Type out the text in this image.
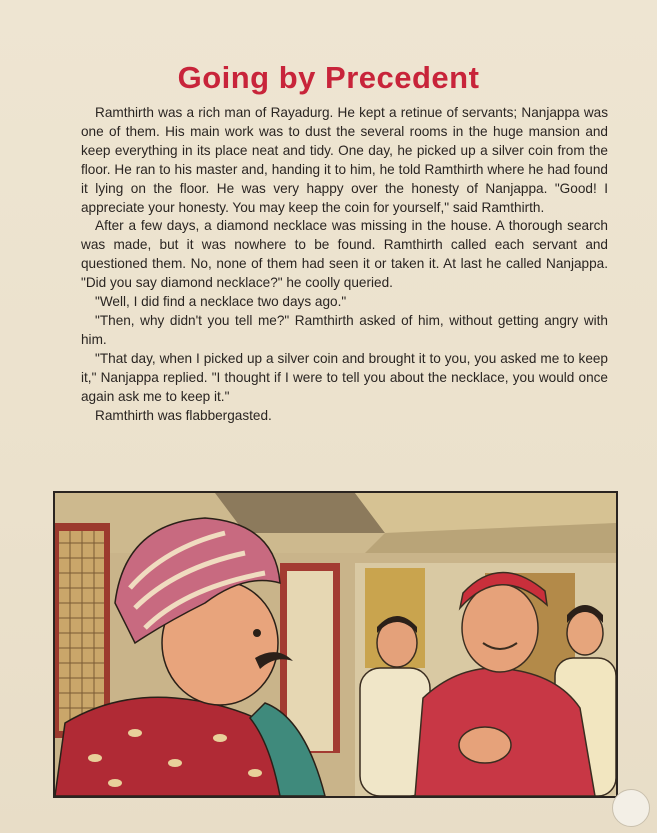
Going by Precedent

Ramthirth was a rich man of Rayadurg. He kept a retinue of servants; Nanjappa was one of them. His main work was to dust the several rooms in the huge mansion and keep everything in its place neat and tidy. One day, he picked up a silver coin from the floor. He ran to his master and, handing it to him, he told Ramthirth where he had found it lying on the floor. He was very happy over the honesty of Nanjappa. "Good! I appreciate your honesty. You may keep the coin for yourself," said Ramthirth.

After a few days, a diamond necklace was missing in the house. A thorough search was made, but it was nowhere to be found. Ramthirth called each servant and questioned them. No, none of them had seen it or taken it. At last he called Nanjappa. "Did you say diamond necklace?" he coolly queried.

"Well, I did find a necklace two days ago."

"Then, why didn't you tell me?" Ramthirth asked of him, without getting angry with him.

"That day, when I picked up a silver coin and brought it to you, you asked me to keep it," Nanjappa replied. "I thought if I were to tell you about the necklace, you would once again ask me to keep it."

Ramthirth was flabbergasted.
